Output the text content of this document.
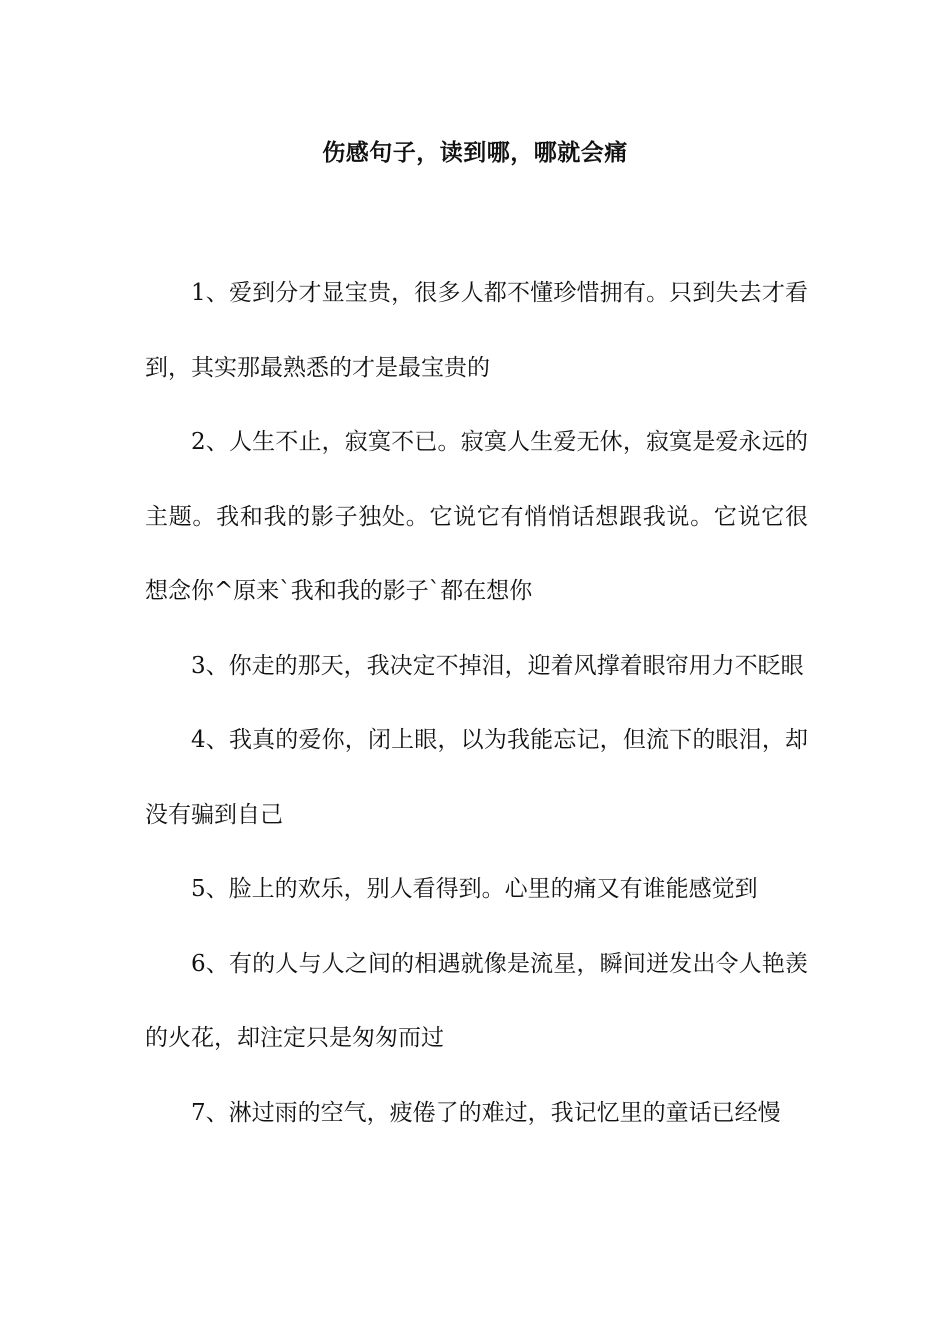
伤感句子，读到哪，哪就会痛

1、爱到分才显宝贵，很多人都不懂珍惜拥有。只到失去才看到，其实那最熟悉的才是最宝贵的

2、人生不止，寂寞不已。寂寞人生爱无休，寂寞是爱永远的主题。我和我的影子独处。它说它有悄悄话想跟我说。它说它很想念你^原来`我和我的影子`都在想你

3、你走的那天，我决定不掉泪，迎着风撑着眼帘用力不眨眼

4、我真的爱你，闭上眼，以为我能忘记，但流下的眼泪，却没有骗到自己

5、脸上的欢乐，别人看得到。心里的痛又有谁能感觉到

6、有的人与人之间的相遇就像是流星，瞬间迸发出令人艳羡的火花，却注定只是匆匆而过

7、淋过雨的空气，疲倦了的难过，我记忆里的童话已经慢
